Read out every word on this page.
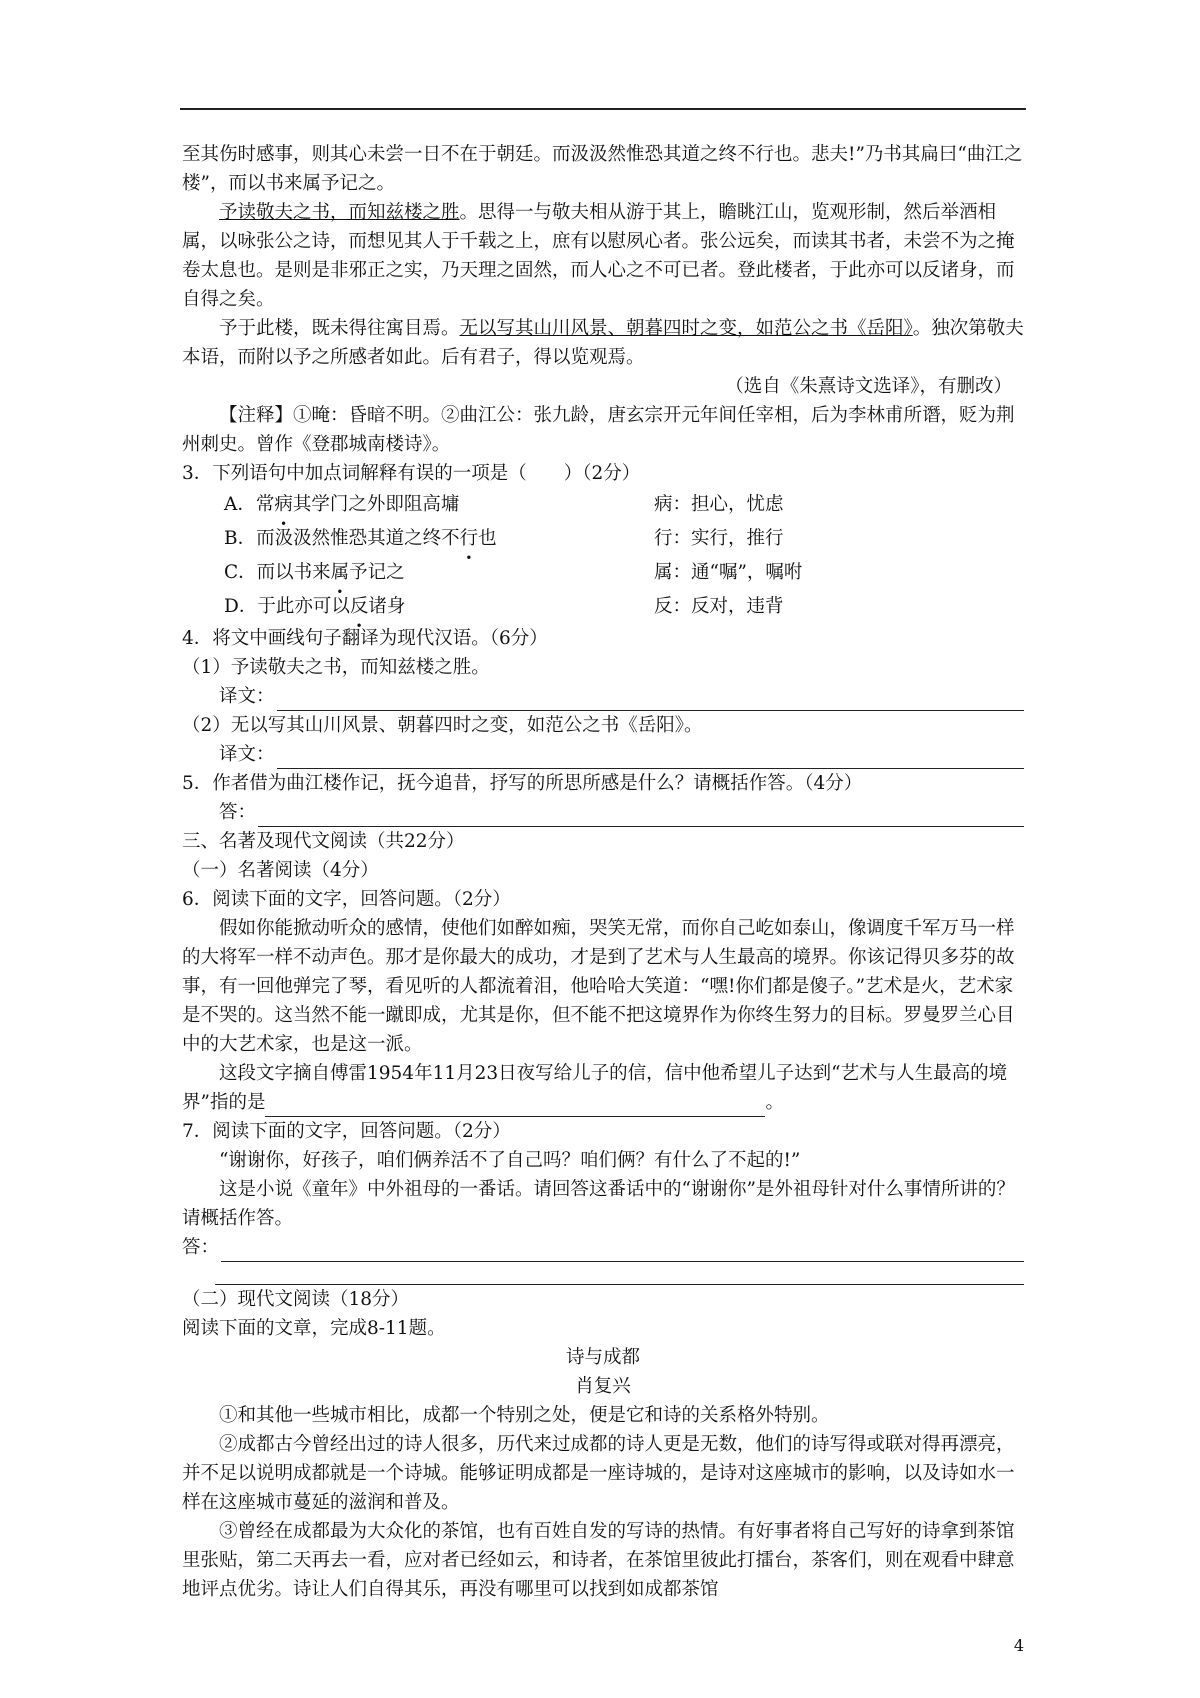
至其伤时感事，则其心未尝一日不在于朝廷。而汲汲然惟恐其道之终不行也。悲夫!”乃书其扁曰“曲江之楼”，而以书来属予记之。

予读敬夫之书，而知兹楼之胜。思得一与敬夫相从游于其上，瞻眺江山，览观形制，然后举酒相属，以咏张公之诗，而想见其人于千载之上，庶有以慰夙心者。张公远矣，而读其书者，未尝不为之掩卷太息也。是则是非邪正之实，乃天理之固然，而人心之不可已者。登此楼者，于此亦可以反诸身，而自得之矣。

予于此楼，既未得往寓目焉。无以写其山川风景、朝暮四时之变，如范公之书《岳阳》。独次第敬夫本语，而附以予之所感者如此。后有君子，得以览观焉。

（选自《朱熹诗文选译》，有删改）

【注释】①晻：昏暗不明。②曲江公：张九龄，唐玄宗开元年间任宰相，后为李林甫所谮，贬为荆州刺史。曾作《登郡城南楼诗》。

3．下列语句中加点词解释有误的一项是（　　）（2分）

A．常病其学门之外即阻高墉	病：担心，忧虑
B．而汲汲然惟恐其道之终不行也	行：实行，推行
C．而以书来属予记之	属：通“嘱”，嘱咐
D．于此亦可以反诸身	反：反对，违背

4．将文中画线句子翻译为现代汉语。（6分）

（1）予读敬夫之书，而知兹楼之胜。

译文：

（2）无以写其山川风景、朝暮四时之变，如范公之书《岳阳》。

译文：

5．作者借为曲江楼作记，抚今追昔，抒写的所思所感是什么？请概括作答。（4分）

答：

三、名著及现代文阅读（共22分）

（一）名著阅读（4分）

6．阅读下面的文字，回答问题。（2分）

假如你能掀动听众的感情，使他们如醉如痴，哭笑无常，而你自己屹如泰山，像调度千军万马一样的大将军一样不动声色。那才是你最大的成功，才是到了艺术与人生最高的境界。你该记得贝多芬的故事，有一回他弹完了琴，看见听的人都流着泪，他哈哈大笑道：“嘿!你们都是傻子。”艺术是火，艺术家是不哭的。这当然不能一蹴即成，尤其是你，但不能不把这境界作为你终生努力的目标。罗曼罗兰心目中的大艺术家，也是这一派。

这段文字摘自傅雷1954年11月23日夜写给儿子的信，信中他希望儿子达到“艺术与人生最高的境界”指的是	。

7．阅读下面的文字，回答问题。（2分）

“谢谢你，好孩子，咱们俩养活不了自己吗？咱们俩？有什么了不起的!”

这是小说《童年》中外祖母的一番话。请回答这番话中的“谢谢你”是外祖母针对什么事情所讲的？请概括作答。

答：

（二）现代文阅读（18分）

阅读下面的文章，完成8-11题。

诗与成都

肖复兴

①和其他一些城市相比，成都一个特别之处，便是它和诗的关系格外特别。

②成都古今曾经出过的诗人很多，历代来过成都的诗人更是无数，他们的诗写得或联对得再漂亮，并不足以说明成都就是一个诗城。能够证明成都是一座诗城的，是诗对这座城市的影响，以及诗如水一样在这座城市蔓延的滋润和普及。

③曾经在成都最为大众化的茶馆，也有百姓自发的写诗的热情。有好事者将自己写好的诗拿到茶馆里张贴，第二天再去一看，应对者已经如云，和诗者，在茶馆里彼此打擂台，茶客们，则在观看中肆意地评点优劣。诗让人们自得其乐，再没有哪里可以找到如成都茶馆

4
